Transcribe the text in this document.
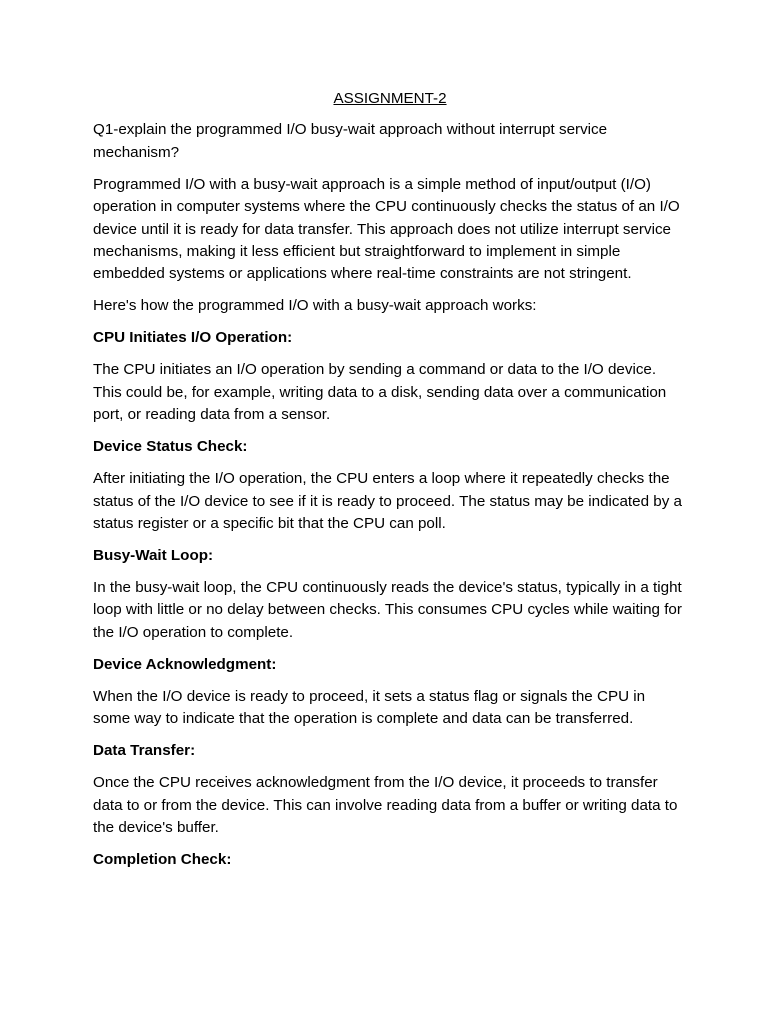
ASSIGNMENT-2

Q1-explain the programmed I/O busy-wait approach without interrupt service mechanism?

Programmed I/O with a busy-wait approach is a simple method of input/output (I/O) operation in computer systems where the CPU continuously checks the status of an I/O device until it is ready for data transfer. This approach does not utilize interrupt service mechanisms, making it less efficient but straightforward to implement in simple embedded systems or applications where real-time constraints are not stringent.

Here's how the programmed I/O with a busy-wait approach works:

CPU Initiates I/O Operation:

The CPU initiates an I/O operation by sending a command or data to the I/O device. This could be, for example, writing data to a disk, sending data over a communication port, or reading data from a sensor.

Device Status Check:

After initiating the I/O operation, the CPU enters a loop where it repeatedly checks the status of the I/O device to see if it is ready to proceed. The status may be indicated by a status register or a specific bit that the CPU can poll.

Busy-Wait Loop:

In the busy-wait loop, the CPU continuously reads the device's status, typically in a tight loop with little or no delay between checks. This consumes CPU cycles while waiting for the I/O operation to complete.

Device Acknowledgment:

When the I/O device is ready to proceed, it sets a status flag or signals the CPU in some way to indicate that the operation is complete and data can be transferred.

Data Transfer:

Once the CPU receives acknowledgment from the I/O device, it proceeds to transfer data to or from the device. This can involve reading data from a buffer or writing data to the device's buffer.

Completion Check:
